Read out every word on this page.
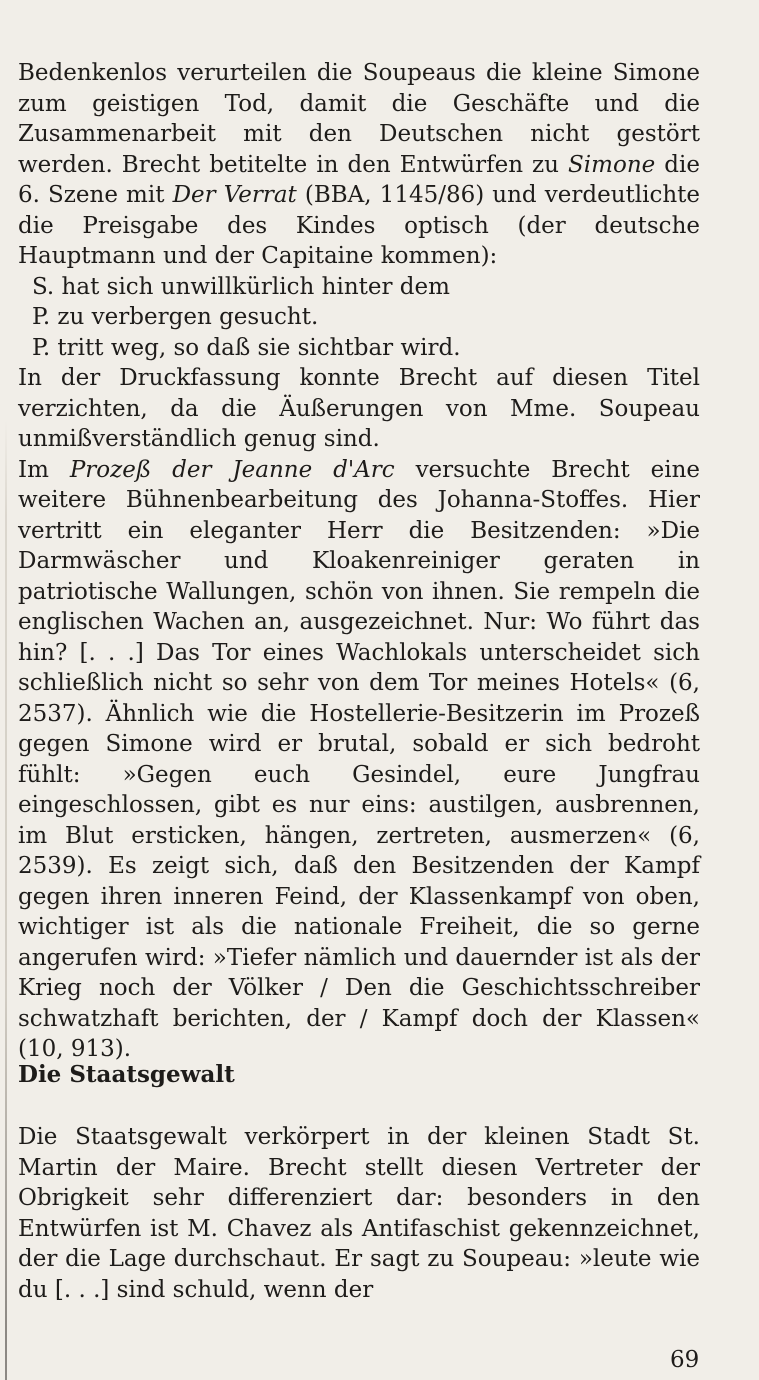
Bedenkenlos verurteilen die Soupeaus die kleine Simone zum geistigen Tod, damit die Geschäfte und die Zusammenarbeit mit den Deutschen nicht gestört werden. Brecht betitelte in den Entwürfen zu Simone die 6. Szene mit Der Verrat (BBA, 1145/86) und verdeutlichte die Preisgabe des Kindes optisch (der deutsche Hauptmann und der Capitaine kommen):

S. hat sich unwillkürlich hinter dem
P. zu verbergen gesucht.
P. tritt weg, so daß sie sichtbar wird.

In der Druckfassung konnte Brecht auf diesen Titel verzichten, da die Äußerungen von Mme. Soupeau unmißverständlich genug sind.

Im Prozeß der Jeanne d'Arc versuchte Brecht eine weitere Bühnenbearbeitung des Johanna-Stoffes. Hier vertritt ein eleganter Herr die Besitzenden: »Die Darmwäscher und Kloakenreiniger geraten in patriotische Wallungen, schön von ihnen. Sie rempeln die englischen Wachen an, ausgezeichnet. Nur: Wo führt das hin? [. . .] Das Tor eines Wachlokals unterscheidet sich schließlich nicht so sehr von dem Tor meines Hotels« (6, 2537). Ähnlich wie die Hostellerie-Besitzerin im Prozeß gegen Simone wird er brutal, sobald er sich bedroht fühlt: »Gegen euch Gesindel, eure Jungfrau eingeschlossen, gibt es nur eins: austilgen, ausbrennen, im Blut ersticken, hängen, zertreten, ausmerzen« (6, 2539). Es zeigt sich, daß den Besitzenden der Kampf gegen ihren inneren Feind, der Klassenkampf von oben, wichtiger ist als die nationale Freiheit, die so gerne angerufen wird: »Tiefer nämlich und dauernder ist als der Krieg noch der Völker / Den die Geschichtsschreiber schwatzhaft berichten, der / Kampf doch der Klassen« (10, 913).

Die Staatsgewalt

Die Staatsgewalt verkörpert in der kleinen Stadt St. Martin der Maire. Brecht stellt diesen Vertreter der Obrigkeit sehr differenziert dar: besonders in den Entwürfen ist M. Chavez als Antifaschist gekennzeichnet, der die Lage durchschaut. Er sagt zu Soupeau: »leute wie du [. . .] sind schuld, wenn der

69
